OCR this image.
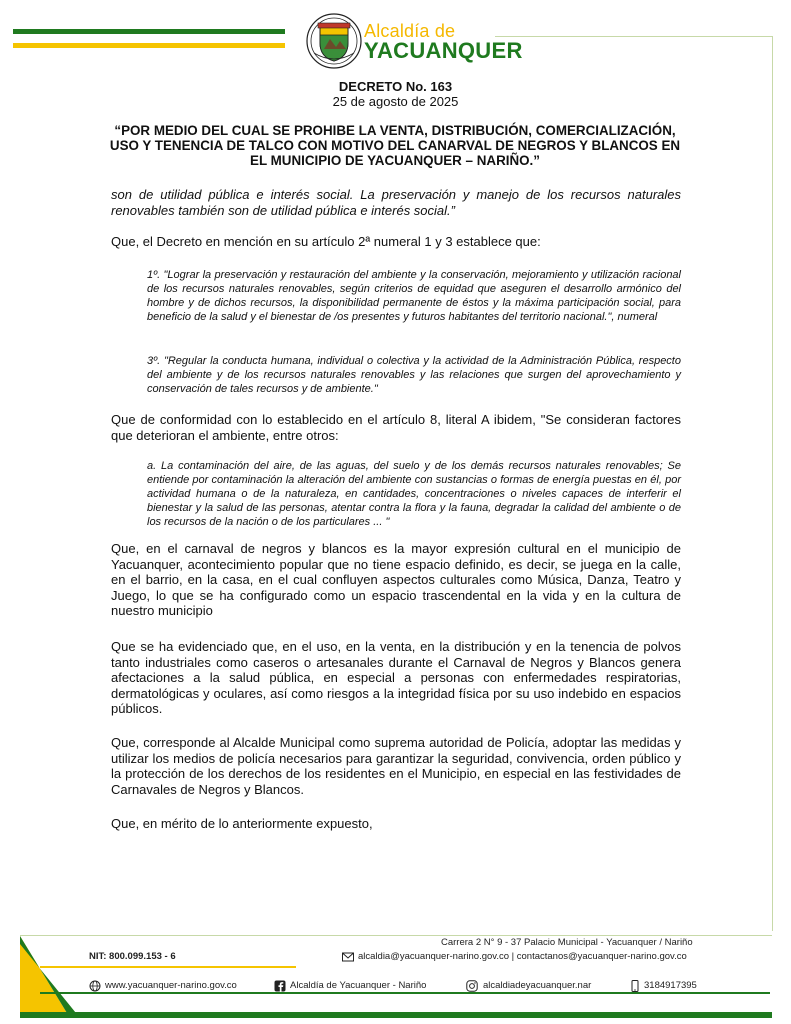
Alcaldía de
YACUANQUER
DECRETO No. 163
25 de agosto de 2025
“POR MEDIO DEL CUAL SE PROHIBE LA VENTA, DISTRIBUCIÓN, COMERCIALIZACIÓN, USO Y TENENCIA DE TALCO CON MOTIVO DEL CANARVAL DE NEGROS Y BLANCOS EN EL MUNICIPIO DE YACUANQUER – NARIÑO.”
son de utilidad pública e interés social. La preservación y manejo de los recursos naturales renovables también son de utilidad pública e interés social.”
Que, el Decreto en mención en su artículo 2ª numeral 1 y 3 establece que:
1º. "Lograr la preservación y restauración del ambiente y la conservación, mejoramiento y utilización racional de los recursos naturales renovables, según criterios de equidad que aseguren el desarrollo armónico del hombre y de dichos recursos, la disponibilidad permanente de éstos y la máxima participación social, para beneficio de la salud y el bienestar de /os presentes y futuros habitantes del territorio nacional.", numeral
3º. "Regular la conducta humana, individual o colectiva y la actividad de la Administración Pública, respecto del ambiente y de los recursos naturales renovables y las relaciones que surgen del aprovechamiento y conservación de tales recursos y de ambiente."
Que de conformidad con lo establecido en el artículo 8, literal A ibidem, "Se consideran factores que deterioran el ambiente, entre otros:
a. La contaminación del aire, de las aguas, del suelo y de los demás recursos naturales renovables; Se entiende por contaminación la alteración del ambiente con sustancias o formas de energía puestas en él, por actividad humana o de la naturaleza, en cantidades, concentraciones o niveles capaces de interferir el bienestar y la salud de las personas, atentar contra la flora y la fauna, degradar la calidad del ambiente o de los recursos de la nación o de los particulares ... "
Que, en el carnaval de negros y blancos es la mayor expresión cultural en el municipio de Yacuanquer, acontecimiento popular que no tiene espacio definido, es decir, se juega en la calle, en el barrio, en la casa, en el cual confluyen aspectos culturales como Música, Danza, Teatro y Juego, lo que se ha configurado como un espacio trascendental en la vida y en la cultura de nuestro municipio
Que se ha evidenciado que, en el uso, en la venta, en la distribución y en la tenencia de polvos tanto industriales como caseros o artesanales durante el Carnaval de Negros y Blancos genera afectaciones a la salud pública, en especial a personas con enfermedades respiratorias, dermatológicas y oculares, así como riesgos a la integridad física por su uso indebido en espacios públicos.
Que, corresponde al Alcalde Municipal como suprema autoridad de Policía, adoptar las medidas y utilizar los medios de policía necesarios para garantizar la seguridad, convivencia, orden público y la protección de los derechos de los residentes en el Municipio, en especial en las festividades de Carnavales de Negros y Blancos.
Que, en mérito de lo anteriormente expuesto,
Carrera 2 N° 9 - 37 Palacio Municipal - Yacuanquer / Nariño
NIT: 800.099.153 - 6	alcaldia@yacuanquer-narino.gov.co | contactanos@yacuanquer-narino.gov.co
www.yacuanquer-narino.gov.co	Alcaldía de Yacuanquer - Nariño	alcaldiadeyacuanquer.nar	3184917395
